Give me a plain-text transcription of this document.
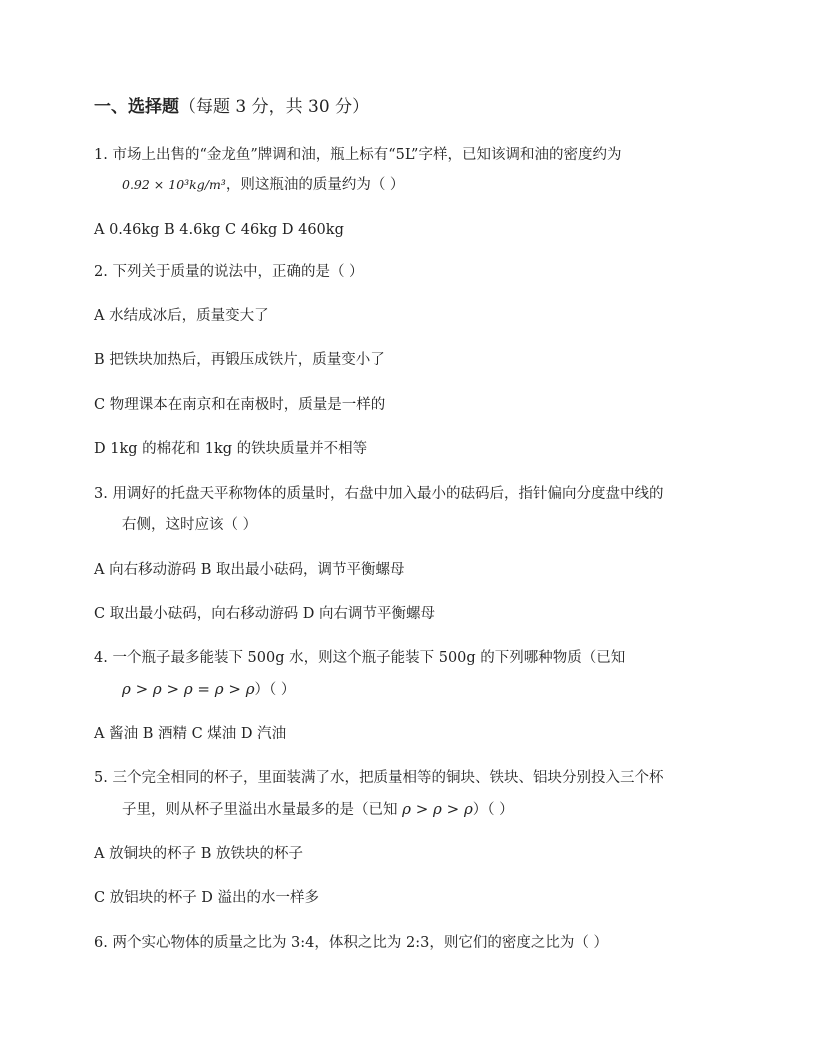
一、选择题（每题 3 分，共 30 分）
1. 市场上出售的“金龙鱼”牌调和油，瓶上标有“5L”字样，已知该调和油的密度约为
0.92 × 10³kg/m³，则这瓶油的质量约为（ ）
A 0.46kg B 4.6kg C 46kg D 460kg
2. 下列关于质量的说法中，正确的是（ ）
A 水结成冰后，质量变大了
B 把铁块加热后，再锻压成铁片，质量变小了
C 物理课本在南京和在南极时，质量是一样的
D 1kg 的棉花和 1kg 的铁块质量并不相等
3. 用调好的托盘天平称物体的质量时，右盘中加入最小的砝码后，指针偏向分度盘中线的
右侧，这时应该（ ）
A 向右移动游码 B 取出最小砝码，调节平衡螺母
C 取出最小砝码，向右移动游码 D 向右调节平衡螺母
4. 一个瓶子最多能装下 500g 水，则这个瓶子能装下 500g 的下列哪种物质（已知
ρ > ρ > ρ = ρ > ρ）（ ）
A 酱油 B 酒精 C 煤油 D 汽油
5. 三个完全相同的杯子，里面装满了水，把质量相等的铜块、铁块、铝块分别投入三个杯
子里，则从杯子里溢出水量最多的是（已知 ρ > ρ > ρ）（ ）
A 放铜块的杯子 B 放铁块的杯子
C 放铝块的杯子 D 溢出的水一样多
6. 两个实心物体的质量之比为 3:4，体积之比为 2:3，则它们的密度之比为（ ）
